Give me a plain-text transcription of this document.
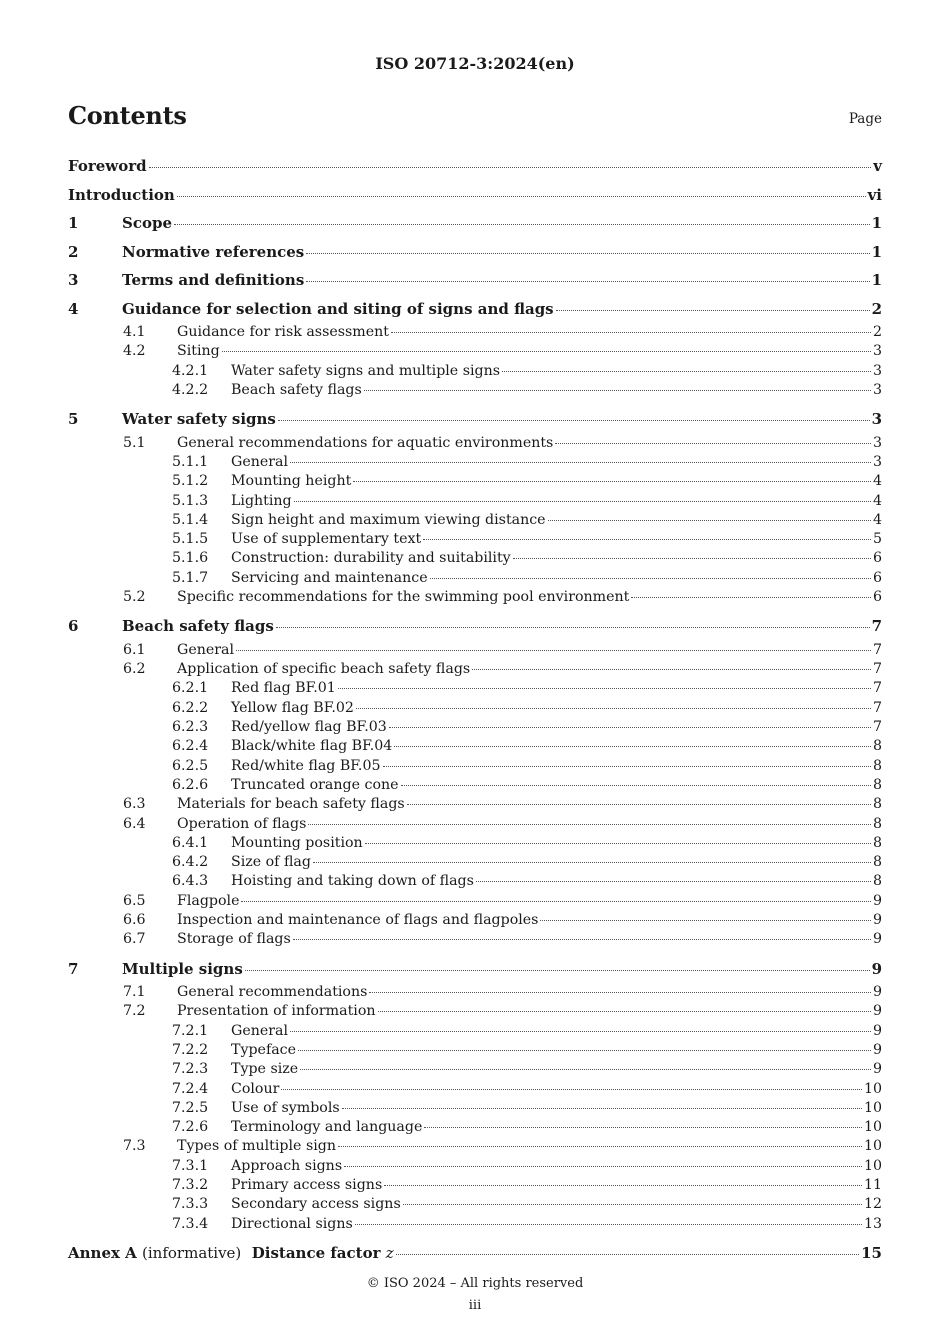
ISO 20712-3:2024(en)
Contents	Page
Foreword	v
Introduction	vi
1	Scope	1
2	Normative references	1
3	Terms and definitions	1
4	Guidance for selection and siting of signs and flags	2
4.1	Guidance for risk assessment	2
4.2	Siting	3
4.2.1	Water safety signs and multiple signs	3
4.2.2	Beach safety flags	3
5	Water safety signs	3
5.1	General recommendations for aquatic environments	3
5.1.1	General	3
5.1.2	Mounting height	4
5.1.3	Lighting	4
5.1.4	Sign height and maximum viewing distance	4
5.1.5	Use of supplementary text	5
5.1.6	Construction: durability and suitability	6
5.1.7	Servicing and maintenance	6
5.2	Specific recommendations for the swimming pool environment	6
6	Beach safety flags	7
6.1	General	7
6.2	Application of specific beach safety flags	7
6.2.1	Red flag BF.01	7
6.2.2	Yellow flag BF.02	7
6.2.3	Red/yellow flag BF.03	7
6.2.4	Black/white flag BF.04	8
6.2.5	Red/white flag BF.05	8
6.2.6	Truncated orange cone	8
6.3	Materials for beach safety flags	8
6.4	Operation of flags	8
6.4.1	Mounting position	8
6.4.2	Size of flag	8
6.4.3	Hoisting and taking down of flags	8
6.5	Flagpole	9
6.6	Inspection and maintenance of flags and flagpoles	9
6.7	Storage of flags	9
7	Multiple signs	9
7.1	General recommendations	9
7.2	Presentation of information	9
7.2.1	General	9
7.2.2	Typeface	9
7.2.3	Type size	9
7.2.4	Colour	10
7.2.5	Use of symbols	10
7.2.6	Terminology and language	10
7.3	Types of multiple sign	10
7.3.1	Approach signs	10
7.3.2	Primary access signs	11
7.3.3	Secondary access signs	12
7.3.4	Directional signs	13
Annex A (informative) Distance factor z	15
© ISO 2024 – All rights reserved
iii
